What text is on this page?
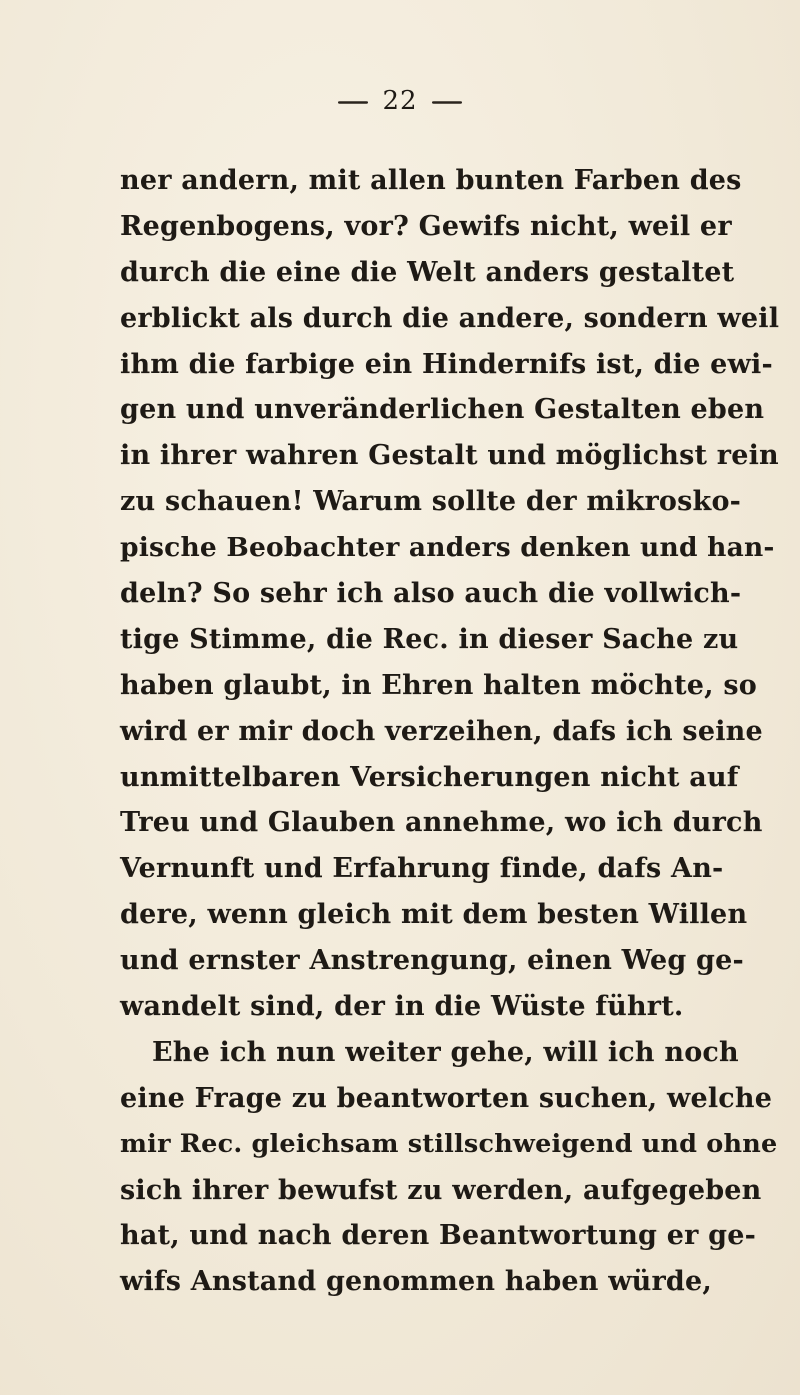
22
ner andern, mit allen bunten Farben des
Regenbogens, vor? Gewifs nicht, weil er
durch die eine die Welt anders gestaltet
erblickt als durch die andere, sondern weil
ihm die farbige ein Hindernifs ist, die ewi-
gen und unveränderlichen Gestalten eben
in ihrer wahren Gestalt und möglichst rein
zu schauen! Warum sollte der mikrosko-
pische Beobachter anders denken und han-
deln? So sehr ich also auch die vollwich-
tige Stimme, die Rec. in dieser Sache zu
haben glaubt, in Ehren halten möchte, so
wird er mir doch verzeihen, dafs ich seine
unmittelbaren Versicherungen nicht auf
Treu und Glauben annehme, wo ich durch
Vernunft und Erfahrung finde, dafs An-
dere, wenn gleich mit dem besten Willen
und ernster Anstrengung, einen Weg ge-
wandelt sind, der in die Wüste führt.
Ehe ich nun weiter gehe, will ich noch
eine Frage zu beantworten suchen, welche
mir Rec. gleichsam stillschweigend und ohne
sich ihrer bewufst zu werden, aufgegeben
hat, und nach deren Beantwortung er ge-
wifs Anstand genommen haben würde,
